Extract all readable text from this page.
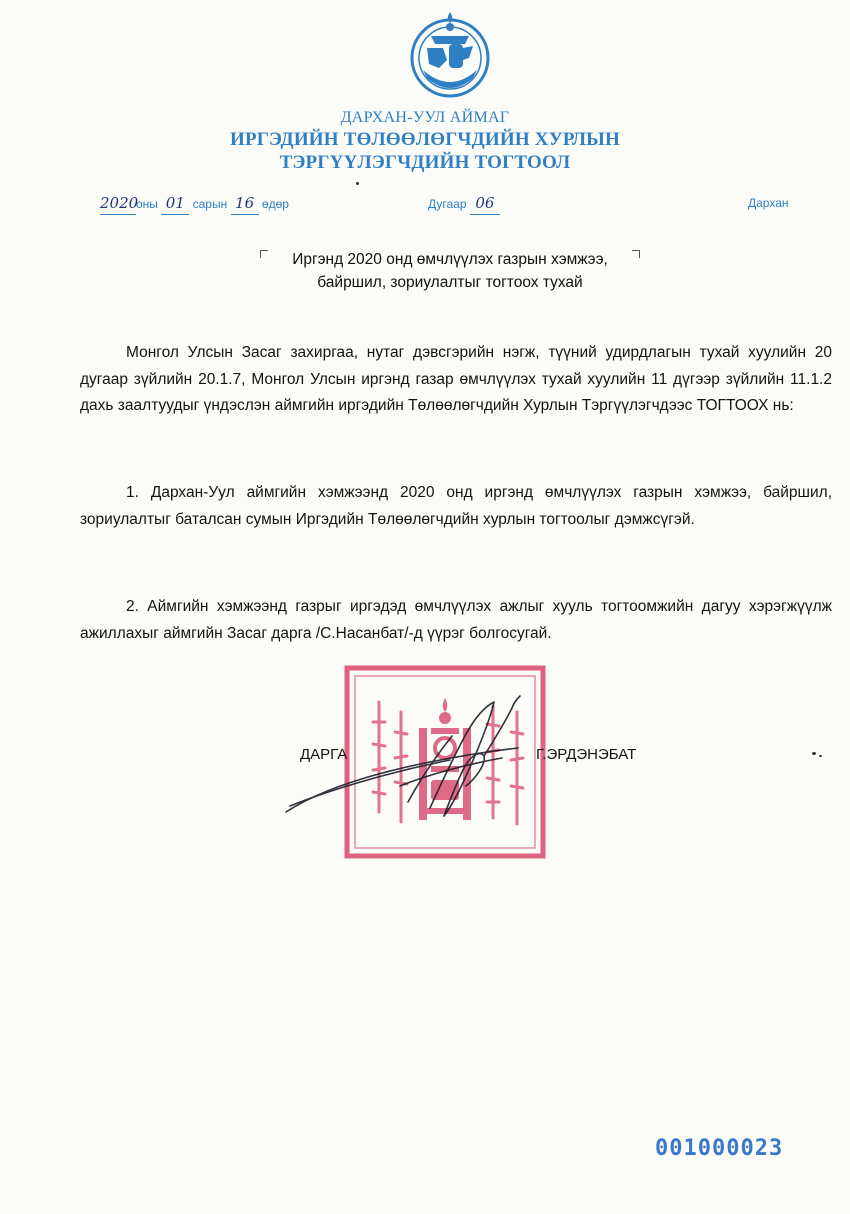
ДАРХАН-УУЛ АЙМАГ
ИРГЭДИЙН ТӨЛӨӨЛӨГЧДИЙН ХУРЛЫН
ТЭРГҮҮЛЭГЧДИЙН ТОГТООЛ
2020оны 01 сарын 16 өдөр	Дугаар 06	Дархан
Иргэнд 2020 онд өмчлүүлэх газрын хэмжээ,
байршил, зориулалтыг тогтоох тухай
Монгол Улсын Засаг захиргаа, нутаг дэвсгэрийн нэгж, түүний удирдлагын тухай хуулийн 20 дугаар зүйлийн 20.1.7, Монгол Улсын иргэнд газар өмчлүүлэх тухай хуулийн 11 дүгээр зүйлийн 11.1.2 дахь заалтуудыг үндэслэн аймгийн иргэдийн Төлөөлөгчдийн Хурлын Тэргүүлэгчдээс ТОГТООХ нь:
1. Дархан-Уул аймгийн хэмжээнд 2020 онд иргэнд өмчлүүлэх газрын хэмжээ, байршил, зориулалтыг баталсан сумын Иргэдийн Төлөөлөгчдийн хурлын тогтоолыг дэмжсүгэй.
2. Аймгийн хэмжээнд газрыг иргэдэд өмчлүүлэх ажлыг хууль тогтоомжийн дагуу хэрэгжүүлж ажиллахыг аймгийн Засаг дарга /С.Насанбат/-д үүрэг болгосугай.
ДАРГА	Г.ЭРДЭНЭБАТ
001000023
